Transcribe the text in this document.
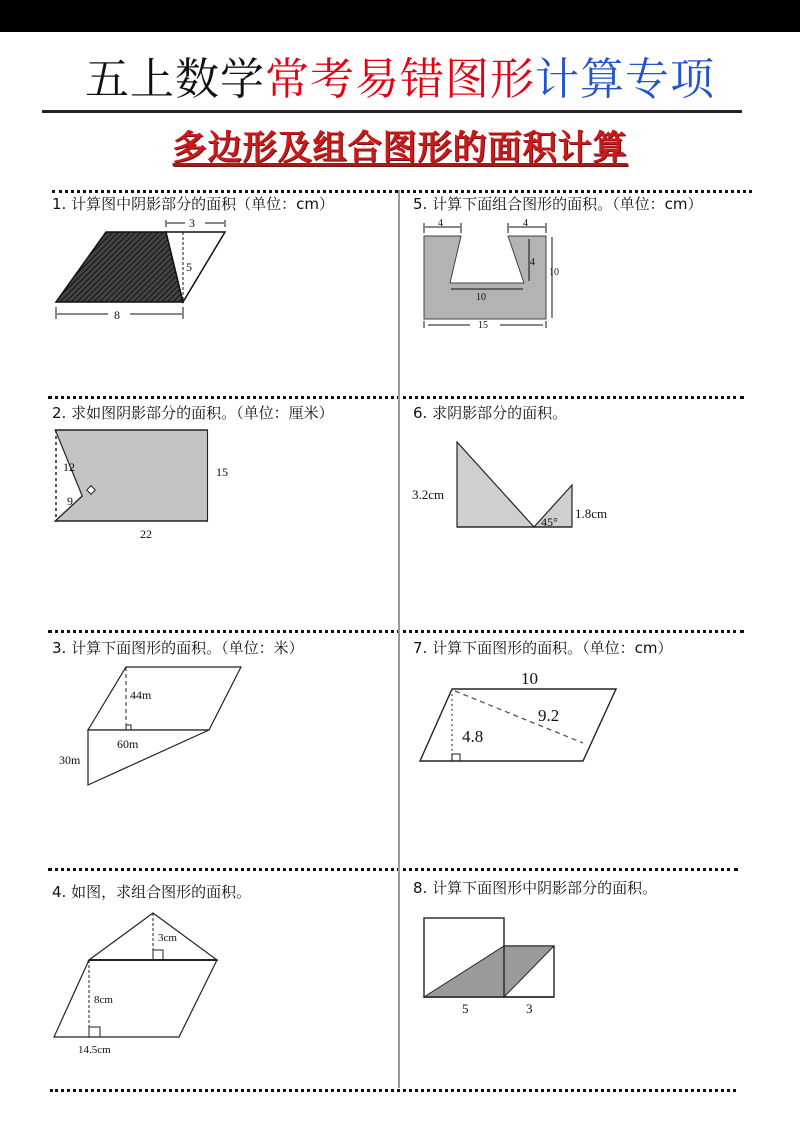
五上数学常考易错图形计算专项
多边形及组合图形的面积计算
1. 计算图中阴影部分的面积（单位：cm）
3
5
8
5. 计算下面组合图形的面积。（单位：cm）
4	4
4
10
10
15
2. 求如图阴影部分的面积。（单位：厘米）
12
9
15
22
6. 求阴影部分的面积。
3.2cm
1.8cm
45°
3. 计算下面图形的面积。（单位：米）
44m
60m
30m
7. 计算下面图形的面积。（单位：cm）
10
9.2
4.8
4. 如图，求组合图形的面积。
3cm
8cm
14.5cm
8. 计算下面图形中阴影部分的面积。
5	3
